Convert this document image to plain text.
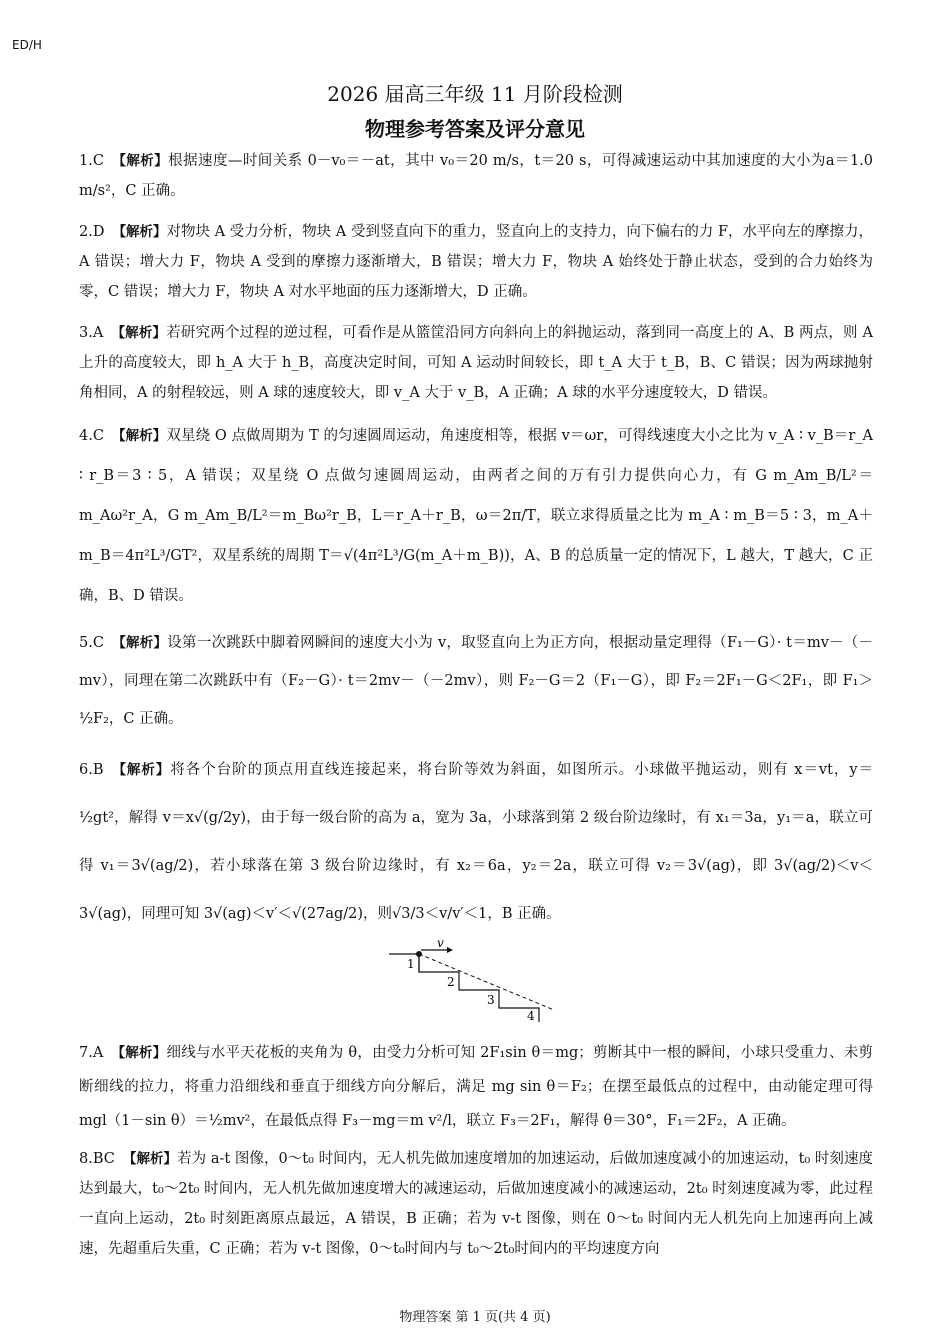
ED/H
2026 届高三年级 11 月阶段检测
物理参考答案及评分意见
1.C 【解析】根据速度—时间关系 0－v₀＝－at，其中 v₀＝20 m/s，t＝20 s，可得减速运动中其加速度的大小为a＝1.0 m/s²，C 正确。
2.D 【解析】对物块 A 受力分析，物块 A 受到竖直向下的重力，竖直向上的支持力，向下偏右的力 F，水平向左的摩擦力，A 错误；增大力 F，物块 A 受到的摩擦力逐渐增大，B 错误；增大力 F，物块 A 始终处于静止状态，受到的合力始终为零，C 错误；增大力 F，物块 A 对水平地面的压力逐渐增大，D 正确。
3.A 【解析】若研究两个过程的逆过程，可看作是从篮筐沿同方向斜向上的斜抛运动，落到同一高度上的 A、B 两点，则 A 上升的高度较大，即 h_A 大于 h_B，高度决定时间，可知 A 运动时间较长，即 t_A 大于 t_B，B、C 错误；因为两球抛射角相同，A 的射程较远，则 A 球的速度较大，即 v_A 大于 v_B，A 正确；A 球的水平分速度较大，D 错误。
4.C 【解析】双星绕 O 点做周期为 T 的匀速圆周运动，角速度相等，根据 v＝ωr，可得线速度大小之比为 v_A ∶ v_B＝r_A ∶ r_B＝3 ∶ 5，A 错误；双星绕 O 点做匀速圆周运动，由两者之间的万有引力提供向心力，有 G m_Am_B/L²＝m_Aω²r_A，G m_Am_B/L²＝m_Bω²r_B，L＝r_A＋r_B，ω＝2π/T，联立求得质量之比为 m_A ∶ m_B＝5 ∶ 3，m_A＋m_B＝4π²L³/GT²，双星系统的周期 T＝√(4π²L³/G(m_A＋m_B))，A、B 的总质量一定的情况下，L 越大，T 越大，C 正确，B、D 错误。
5.C 【解析】设第一次跳跃中脚着网瞬间的速度大小为 v，取竖直向上为正方向，根据动量定理得（F₁－G）· t＝mv－（－mv），同理在第二次跳跃中有（F₂－G）· t＝2mv－（－2mv），则 F₂－G＝2（F₁－G），即 F₂＝2F₁－G＜2F₁，即 F₁＞½F₂，C 正确。
6.B 【解析】将各个台阶的顶点用直线连接起来，将台阶等效为斜面，如图所示。小球做平抛运动，则有 x＝vt，y＝½gt²，解得 v＝x√(g/2y)，由于每一级台阶的高为 a，宽为 3a，小球落到第 2 级台阶边缘时，有 x₁＝3a，y₁＝a，联立可得 v₁＝3√(ag/2)，若小球落在第 3 级台阶边缘时，有 x₂＝6a，y₂＝2a，联立可得 v₂＝3√(ag)，即 3√(ag/2)＜v＜3√(ag)，同理可知 3√(ag)＜v′＜√(27ag/2)，则√3/3＜v/v′＜1，B 正确。
v
1
2
3
4
7.A 【解析】细线与水平天花板的夹角为 θ，由受力分析可知 2F₁sin θ＝mg；剪断其中一根的瞬间，小球只受重力、未剪断细线的拉力，将重力沿细线和垂直于细线方向分解后，满足 mg sin θ＝F₂；在摆至最低点的过程中，由动能定理可得 mgl（1－sin θ）＝½mv²，在最低点得 F₃－mg＝m v²/l，联立 F₃＝2F₁，解得 θ＝30°，F₁＝2F₂，A 正确。
8.BC 【解析】若为 a-t 图像，0～t₀ 时间内，无人机先做加速度增加的加速运动，后做加速度减小的加速运动，t₀ 时刻速度达到最大，t₀～2t₀ 时间内，无人机先做加速度增大的减速运动，后做加速度减小的减速运动，2t₀ 时刻速度减为零，此过程一直向上运动，2t₀ 时刻距离原点最远，A 错误，B 正确；若为 v-t 图像，则在 0～t₀ 时间内无人机先向上加速再向上减速，先超重后失重，C 正确；若为 v-t 图像，0～t₀时间内与 t₀～2t₀时间内的平均速度方向
物理答案 第 1 页(共 4 页)
